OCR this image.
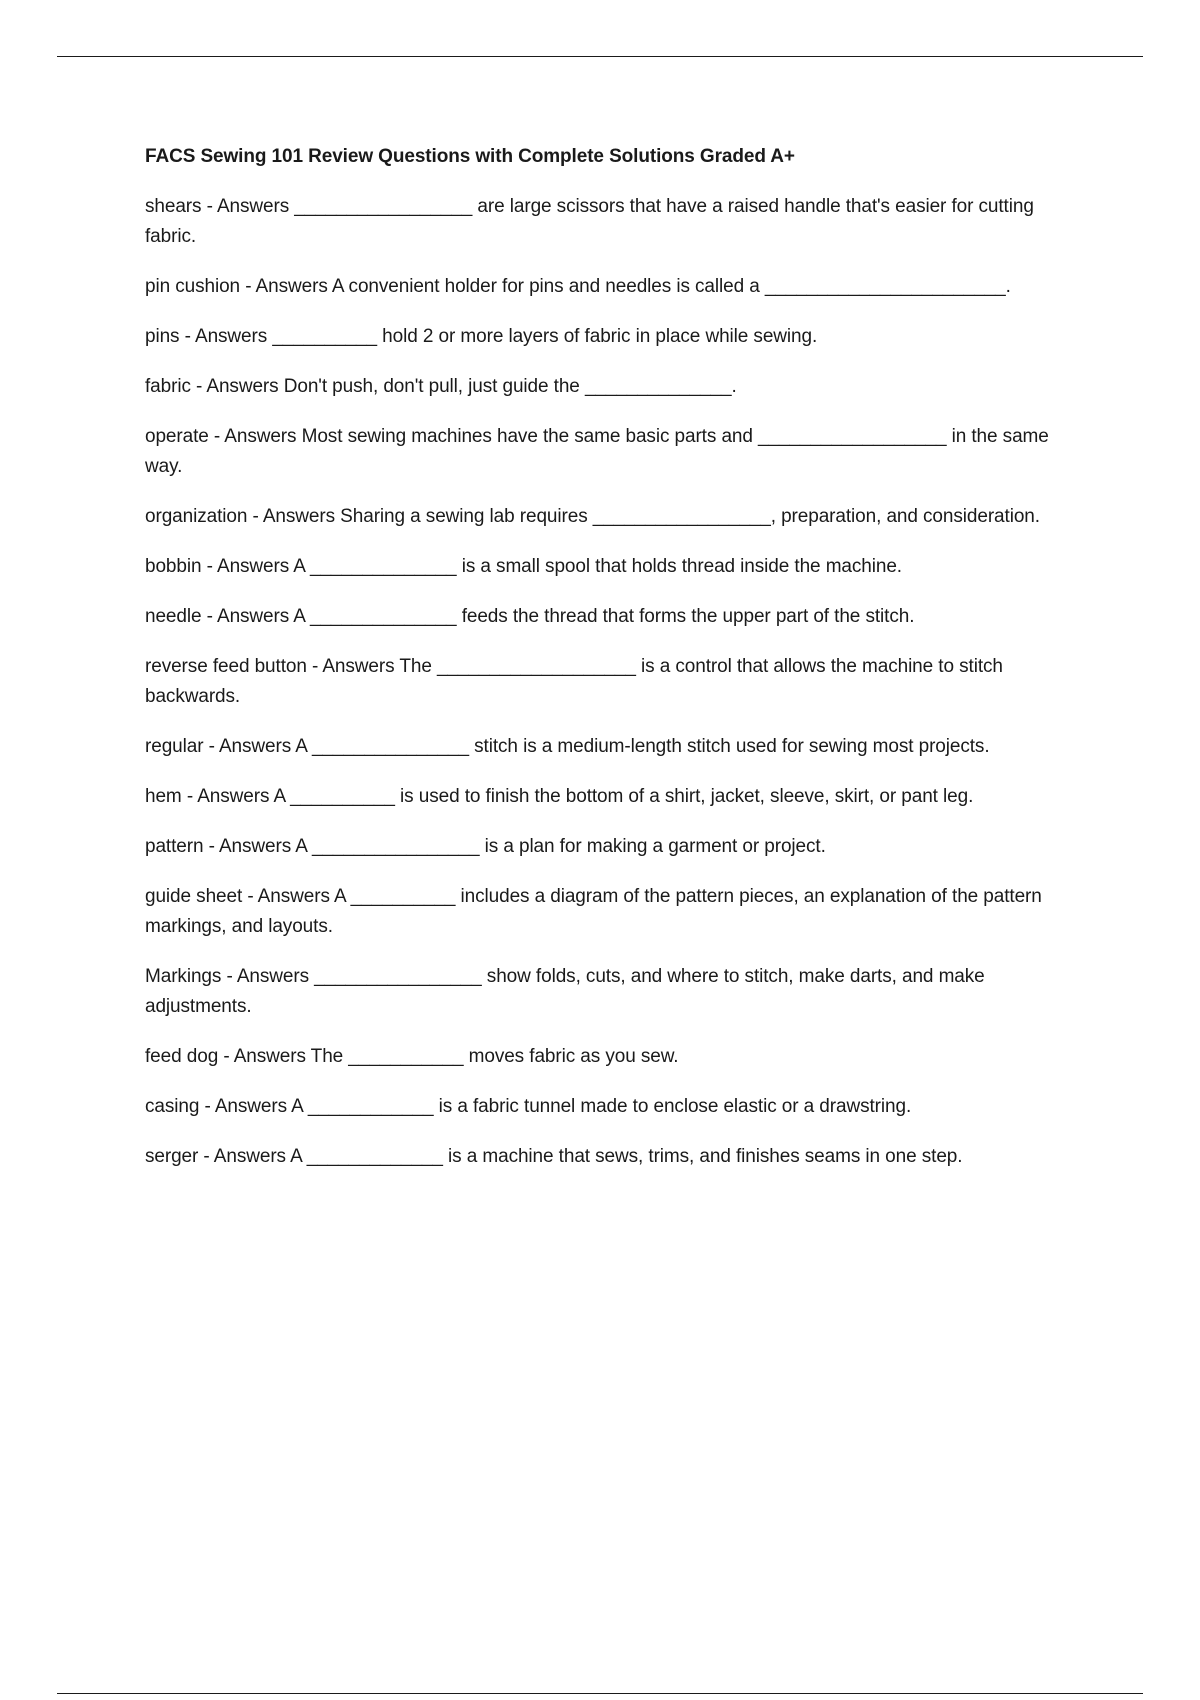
FACS Sewing 101 Review Questions with Complete Solutions Graded A+

shears - Answers _________________ are large scissors that have a raised handle that's easier for cutting fabric.

pin cushion - Answers A convenient holder for pins and needles is called a _______________________.

pins - Answers __________ hold 2 or more layers of fabric in place while sewing.

fabric - Answers Don't push, don't pull, just guide the ______________.

operate - Answers Most sewing machines have the same basic parts and __________________ in the same way.

organization - Answers Sharing a sewing lab requires _________________, preparation, and consideration.

bobbin - Answers A ______________ is a small spool that holds thread inside the machine.

needle - Answers A ______________ feeds the thread that forms the upper part of the stitch.

reverse feed button - Answers The ___________________ is a control that allows the machine to stitch backwards.

regular - Answers A _______________ stitch is a medium-length stitch used for sewing most projects.

hem - Answers A __________ is used to finish the bottom of a shirt, jacket, sleeve, skirt, or pant leg.

pattern - Answers A ________________ is a plan for making a garment or project.

guide sheet - Answers A __________ includes a diagram of the pattern pieces, an explanation of the pattern markings, and layouts.

Markings - Answers ________________ show folds, cuts, and where to stitch, make darts, and make adjustments.

feed dog - Answers The ___________ moves fabric as you sew.

casing - Answers A ____________ is a fabric tunnel made to enclose elastic or a drawstring.

serger - Answers A _____________ is a machine that sews, trims, and finishes seams in one step.
